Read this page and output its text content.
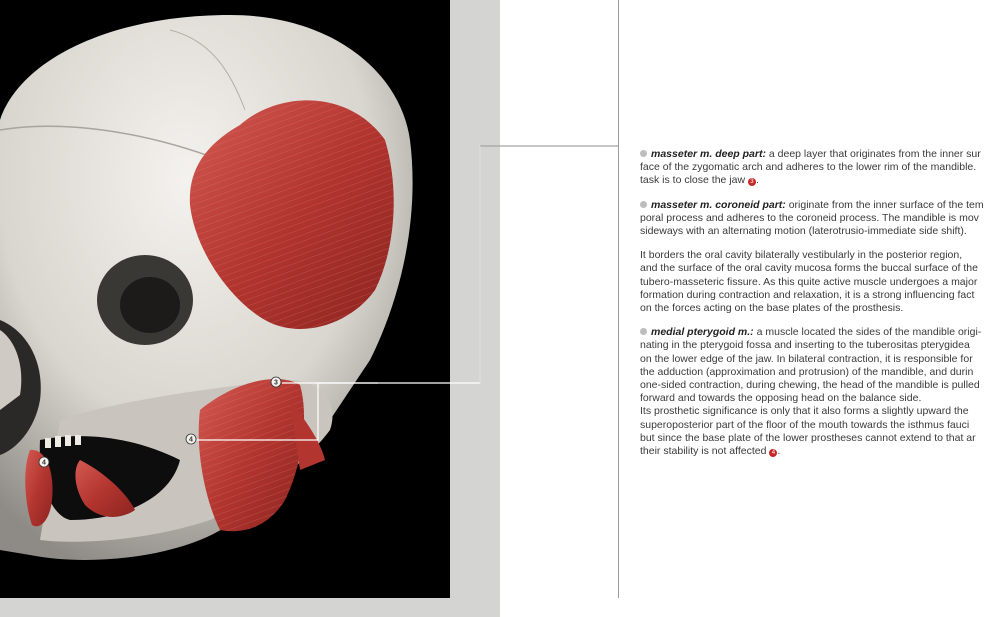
3
4
4

masseter m. deep part: a deep layer that originates from the inner sur
face of the zygomatic arch and adheres to the lower rim of the mandible.
task is to close the jaw 3 .

masseter m. coroneid part: originate from the inner surface of the tem
poral process and adheres to the coroneid process. The mandible is mov
sideways with an alternating motion (laterotrusio-immediate side shift).

It borders the oral cavity bilaterally vestibularly in the posterior region,
and the surface of the oral cavity mucosa forms the buccal surface of the
tubero-masseteric fissure. As this quite active muscle undergoes a major
formation during contraction and relaxation, it is a strong influencing fact
on the forces acting on the base plates of the prosthesis.

medial pterygoid m.: a muscle located the sides of the mandible origi-
nating in the pterygoid fossa and inserting to the tuberositas pterygidea
on the lower edge of the jaw. In bilateral contraction, it is responsible for
the adduction (approximation and protrusion) of the mandible, and durin
one-sided contraction, during chewing, the head of the mandible is pulled
forward and towards the opposing head on the balance side.
Its prosthetic significance is only that it also forms a slightly upward the
superoposterior part of the floor of the mouth towards the isthmus fauci
but since the base plate of the lower prostheses cannot extend to that ar
their stability is not affected 4 .
